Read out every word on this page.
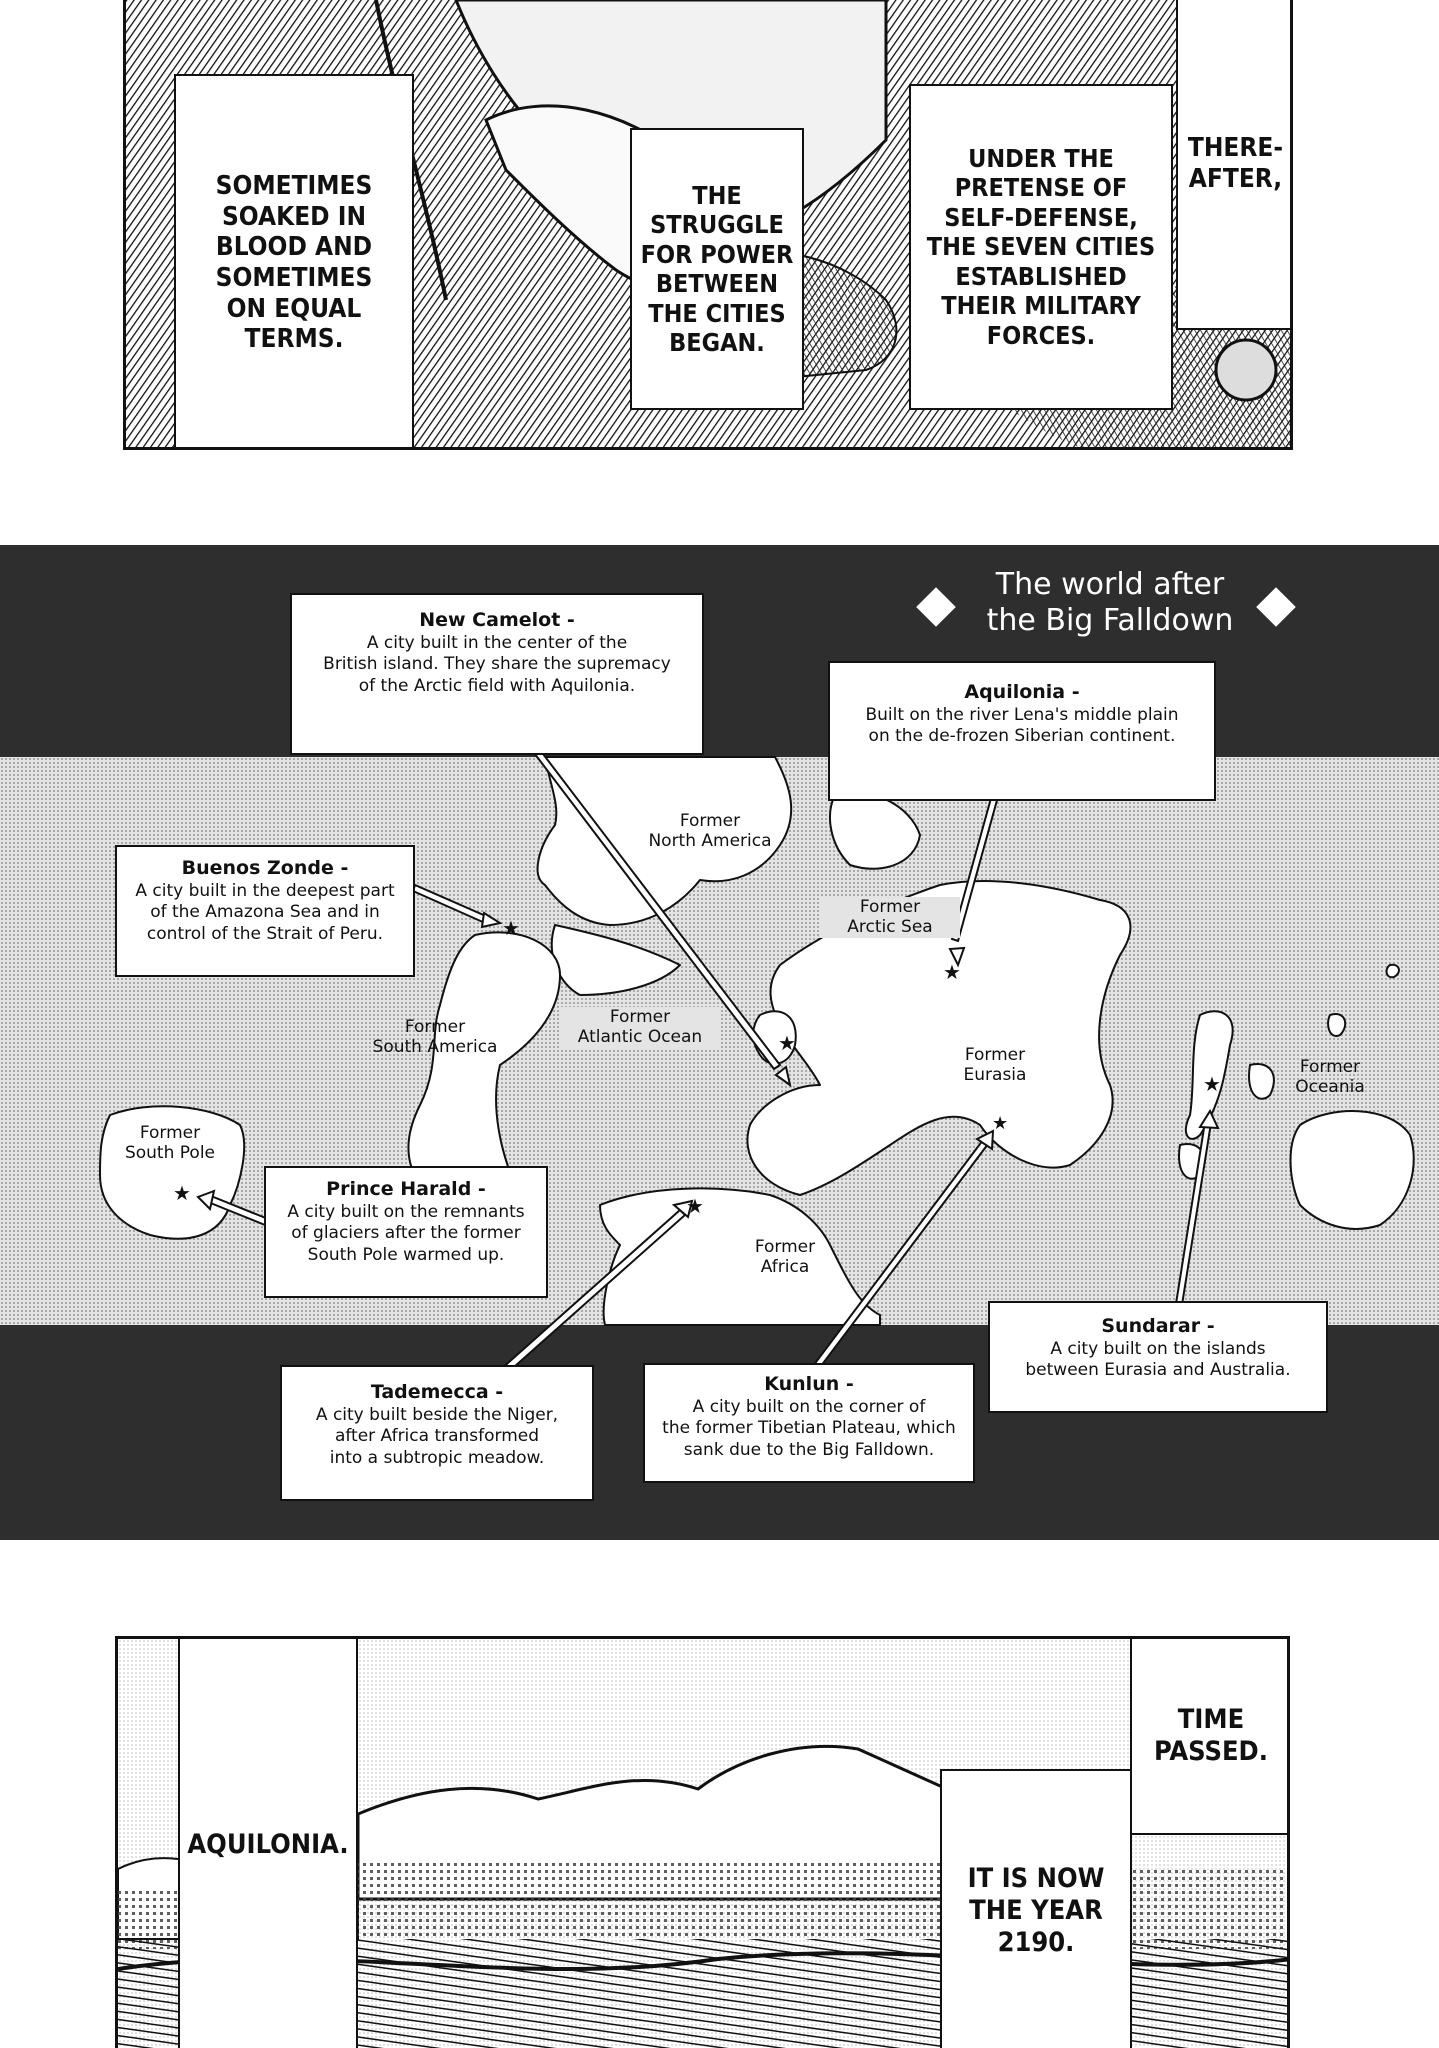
SOMETIMES
SOAKED IN
BLOOD AND
SOMETIMES
ON EQUAL
TERMS.
THE
STRUGGLE
FOR POWER
BETWEEN
THE CITIES
BEGAN.
UNDER THE
PRETENSE OF
SELF-DEFENSE,
THE SEVEN CITIES
ESTABLISHED
THEIR MILITARY
FORCES.
THERE-
AFTER,
★
★
★
★
★
★
★
The world after
the Big Falldown
Former
North America
Former
Arctic Sea
Former
South America
Former
Atlantic Ocean
Former
Eurasia	Former
Oceania
Former
South Pole
Former
Africa
New Camelot -
A city built in the center of the
British island. They share the supremacy
of the Arctic field with Aquilonia.	Aquilonia -
Built on the river Lena's middle plain
on the de-frozen Siberian continent.
Buenos Zonde -
A city built in the deepest part
of the Amazona Sea and in
control of the Strait of Peru.
Prince Harald -
A city built on the remnants
of glaciers after the former
South Pole warmed up.
Tademecca -
A city built beside the Niger,
after Africa transformed
into a subtropic meadow.
Kunlun -
A city built on the corner of
the former Tibetian Plateau, which
sank due to the Big Falldown.
Sundarar -
A city built on the islands
between Eurasia and Australia.
AQUILONIA.
IT IS NOW
THE YEAR
2190.
TIME
PASSED.
